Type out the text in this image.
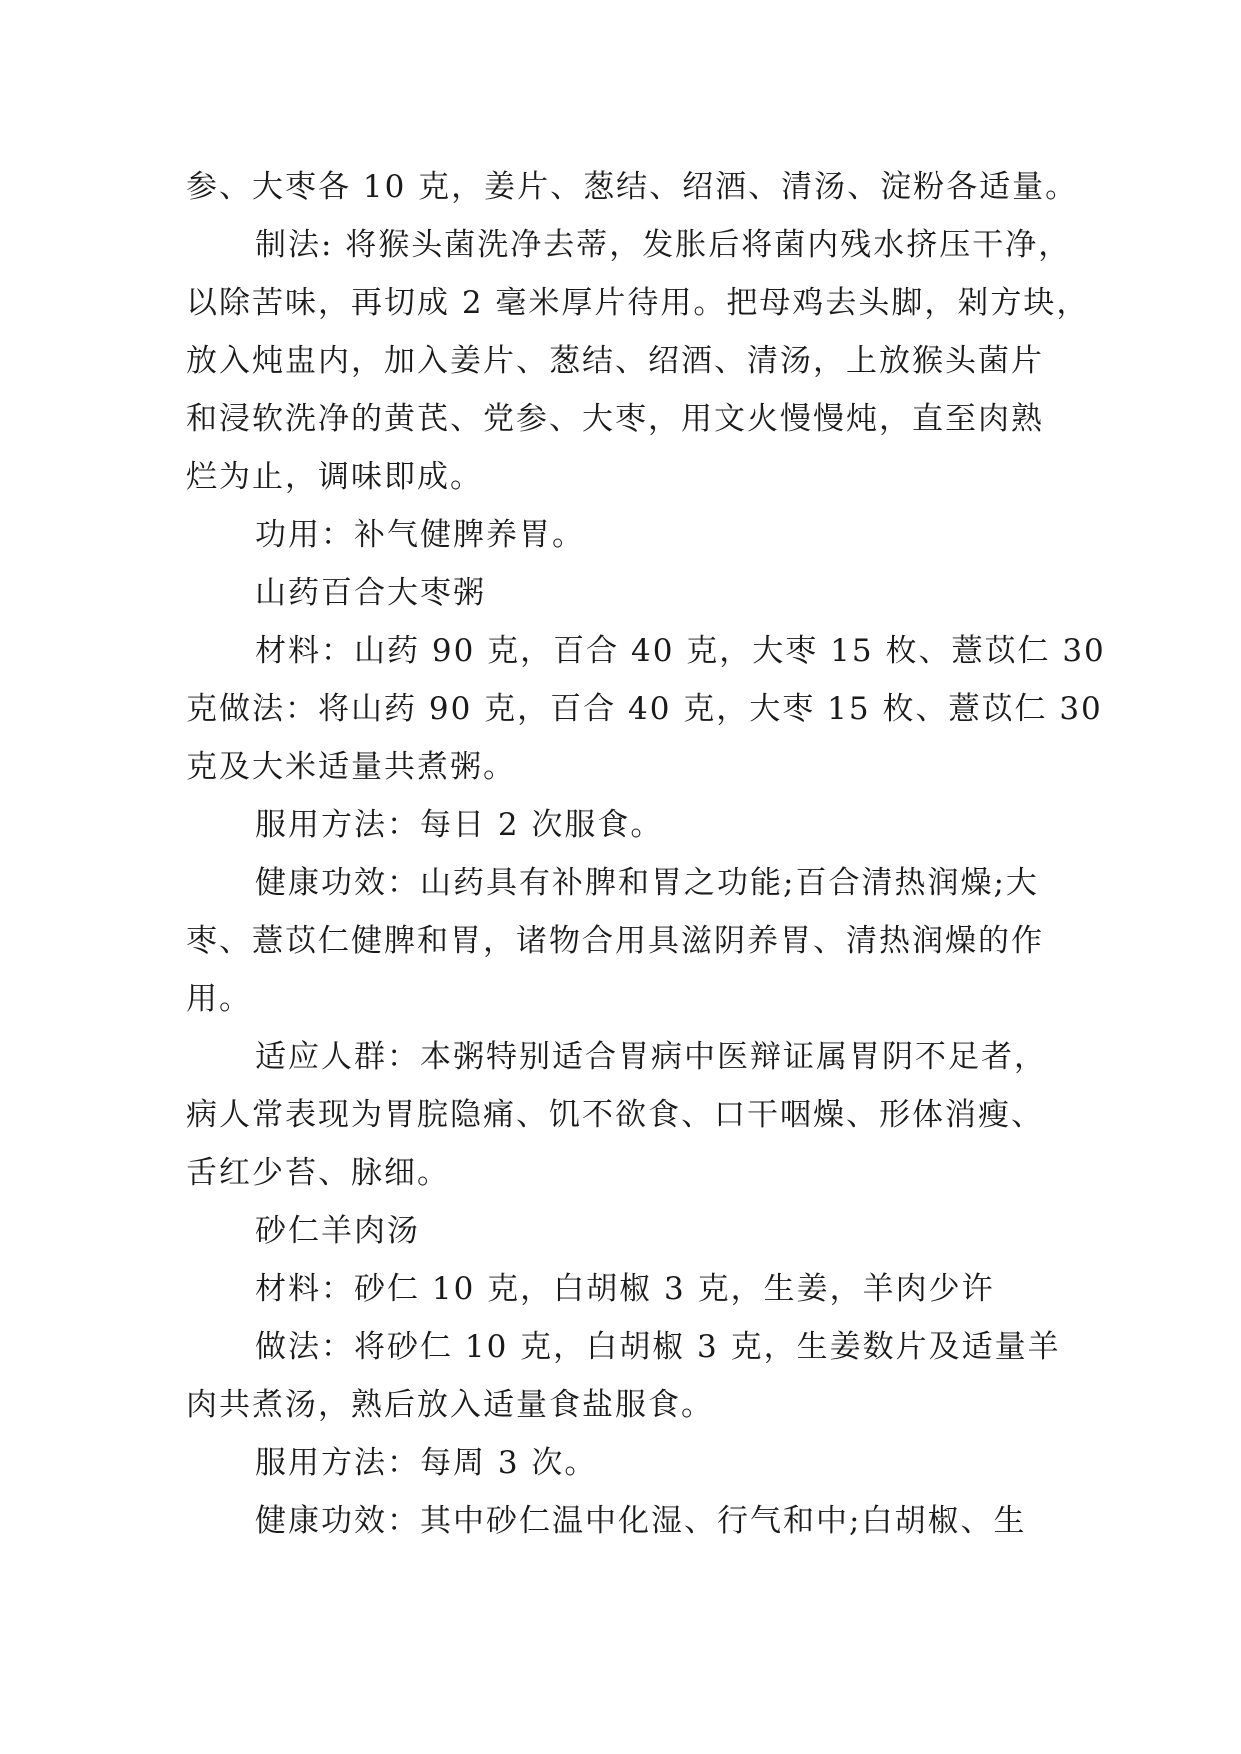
参、大枣各 10 克，姜片、葱结、绍酒、清汤、淀粉各适量。
制法: 将猴头菌洗净去蒂，发胀后将菌内残水挤压干净，
以除苦味，再切成 2 毫米厚片待用。把母鸡去头脚，剁方块，
放入炖盅内，加入姜片、葱结、绍酒、清汤，上放猴头菌片
和浸软洗净的黄芪、党参、大枣，用文火慢慢炖，直至肉熟
烂为止，调味即成。
功用：补气健脾养胃。
山药百合大枣粥
材料：山药 90 克，百合 40 克，大枣 15 枚、薏苡仁 30
克做法：将山药 90 克，百合 40 克，大枣 15 枚、薏苡仁 30
克及大米适量共煮粥。
服用方法：每日 2 次服食。
健康功效：山药具有补脾和胃之功能;百合清热润燥;大
枣、薏苡仁健脾和胃，诸物合用具滋阴养胃、清热润燥的作
用。
适应人群：本粥特别适合胃病中医辩证属胃阴不足者，
病人常表现为胃脘隐痛、饥不欲食、口干咽燥、形体消瘦、
舌红少苔、脉细。
砂仁羊肉汤
材料：砂仁 10 克，白胡椒 3 克，生姜，羊肉少许
做法：将砂仁 10 克，白胡椒 3 克，生姜数片及适量羊
肉共煮汤，熟后放入适量食盐服食。
服用方法：每周 3 次。
健康功效：其中砂仁温中化湿、行气和中;白胡椒、生
